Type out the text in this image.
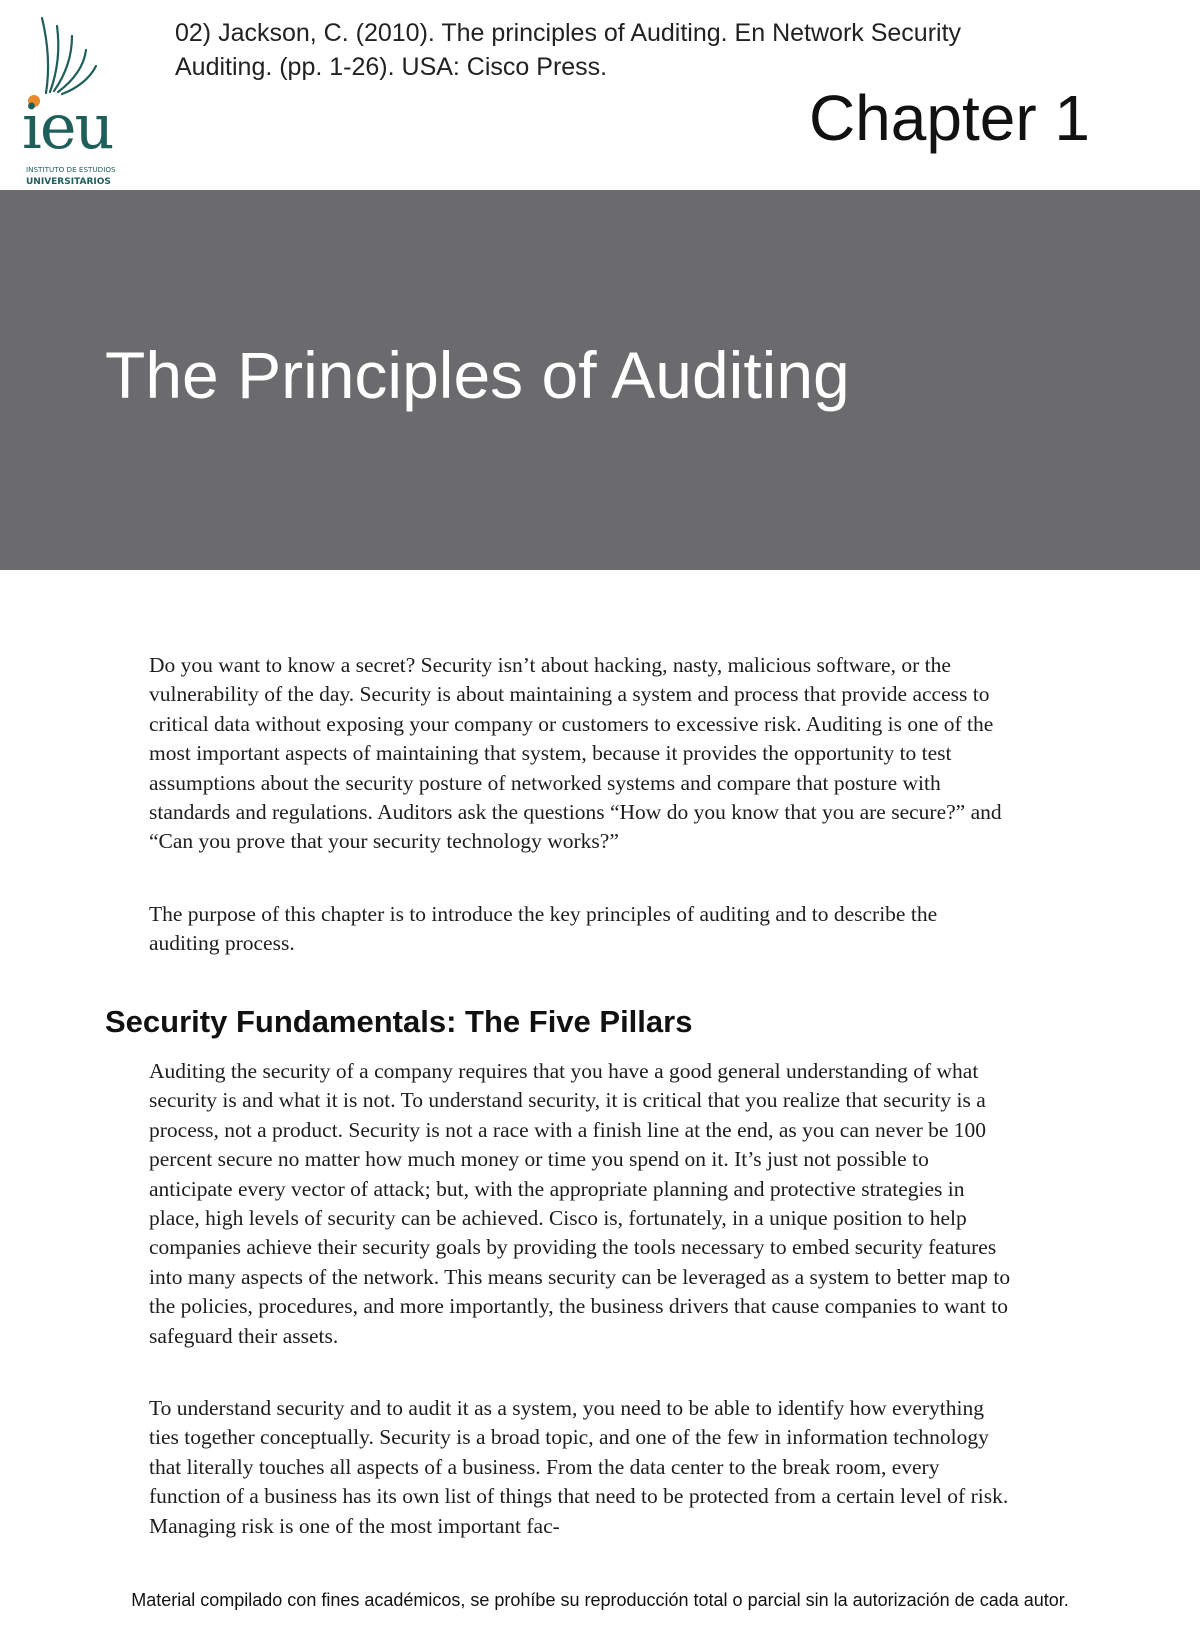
ieu
INSTITUTO DE ESTUDIOS
UNIVERSITARIOS

02) Jackson, C. (2010). The principles of Auditing. En Network Security
Auditing. (pp. 1-26). USA: Cisco Press.

Chapter 1
The Principles of Auditing

Do you want to know a secret? Security isn’t about hacking, nasty, malicious software, or the vulnerability of the day. Security is about maintaining a system and process that provide access to critical data without exposing your company or customers to excessive risk. Auditing is one of the most important aspects of maintaining that system, because it provides the opportunity to test assumptions about the security posture of networked systems and compare that posture with standards and regulations. Auditors ask the questions “How do you know that you are secure?” and “Can you prove that your security technology works?”

The purpose of this chapter is to introduce the key principles of auditing and to describe the auditing process.

Security Fundamentals: The Five Pillars

Auditing the security of a company requires that you have a good general understanding of what security is and what it is not. To understand security, it is critical that you realize that security is a process, not a product. Security is not a race with a finish line at the end, as you can never be 100 percent secure no matter how much money or time you spend on it. It’s just not possible to anticipate every vector of attack; but, with the appropriate planning and protective strategies in place, high levels of security can be achieved. Cisco is, fortunately, in a unique position to help companies achieve their security goals by providing the tools necessary to embed security features into many aspects of the network. This means security can be leveraged as a system to better map to the policies, procedures, and more importantly, the business drivers that cause companies to want to safeguard their assets.

To understand security and to audit it as a system, you need to be able to identify how everything ties together conceptually. Security is a broad topic, and one of the few in information technology that literally touches all aspects of a business. From the data center to the break room, every function of a business has its own list of things that need to be protected from a certain level of risk. Managing risk is one of the most important fac-

Material compilado con fines académicos, se prohíbe su reproducción total o parcial sin la autorización de cada autor.
